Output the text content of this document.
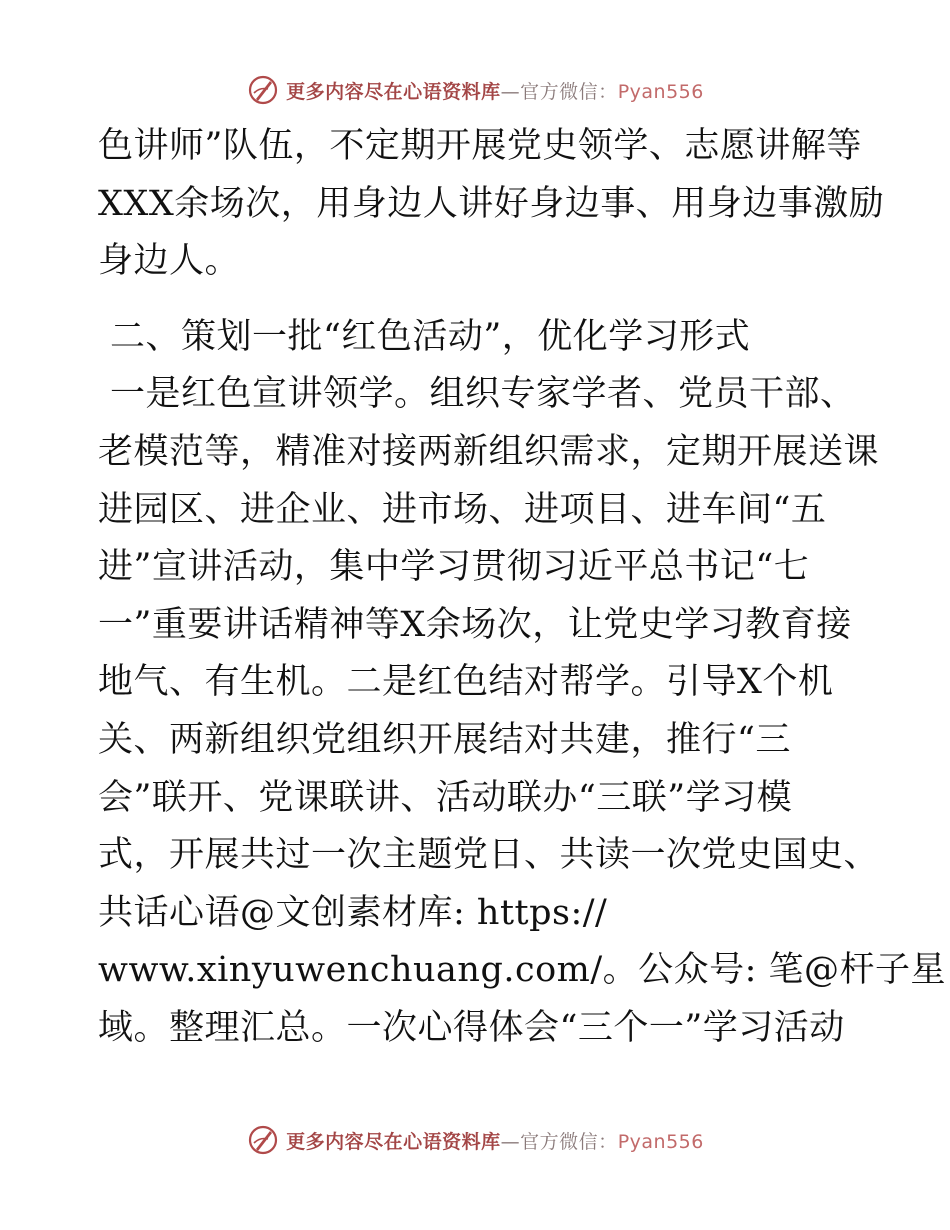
更多内容尽在心语资料库—官方微信：Pyan556
色讲师”队伍，不定期开展党史领学、志愿讲解等
XXX余场次，用身边人讲好身边事、用身边事激励
身边人。
二、策划一批“红色活动”，优化学习形式
一是红色宣讲领学。组织专家学者、党员干部、
老模范等，精准对接两新组织需求，定期开展送课
进园区、进企业、进市场、进项目、进车间“五
进”宣讲活动，集中学习贯彻习近平总书记“七
一”重要讲话精神等X余场次，让党史学习教育接
地气、有生机。二是红色结对帮学。引导X个机
关、两新组织党组织开展结对共建，推行“三
会”联开、党课联讲、活动联办“三联”学习模
式，开展共过一次主题党日、共读一次党史国史、
共话心语@文创素材库: https://
www.xinyuwenchuang.com/。公众号: 笔@杆子星
域。整理汇总。一次心得体会“三个一”学习活动
更多内容尽在心语资料库—官方微信：Pyan556
